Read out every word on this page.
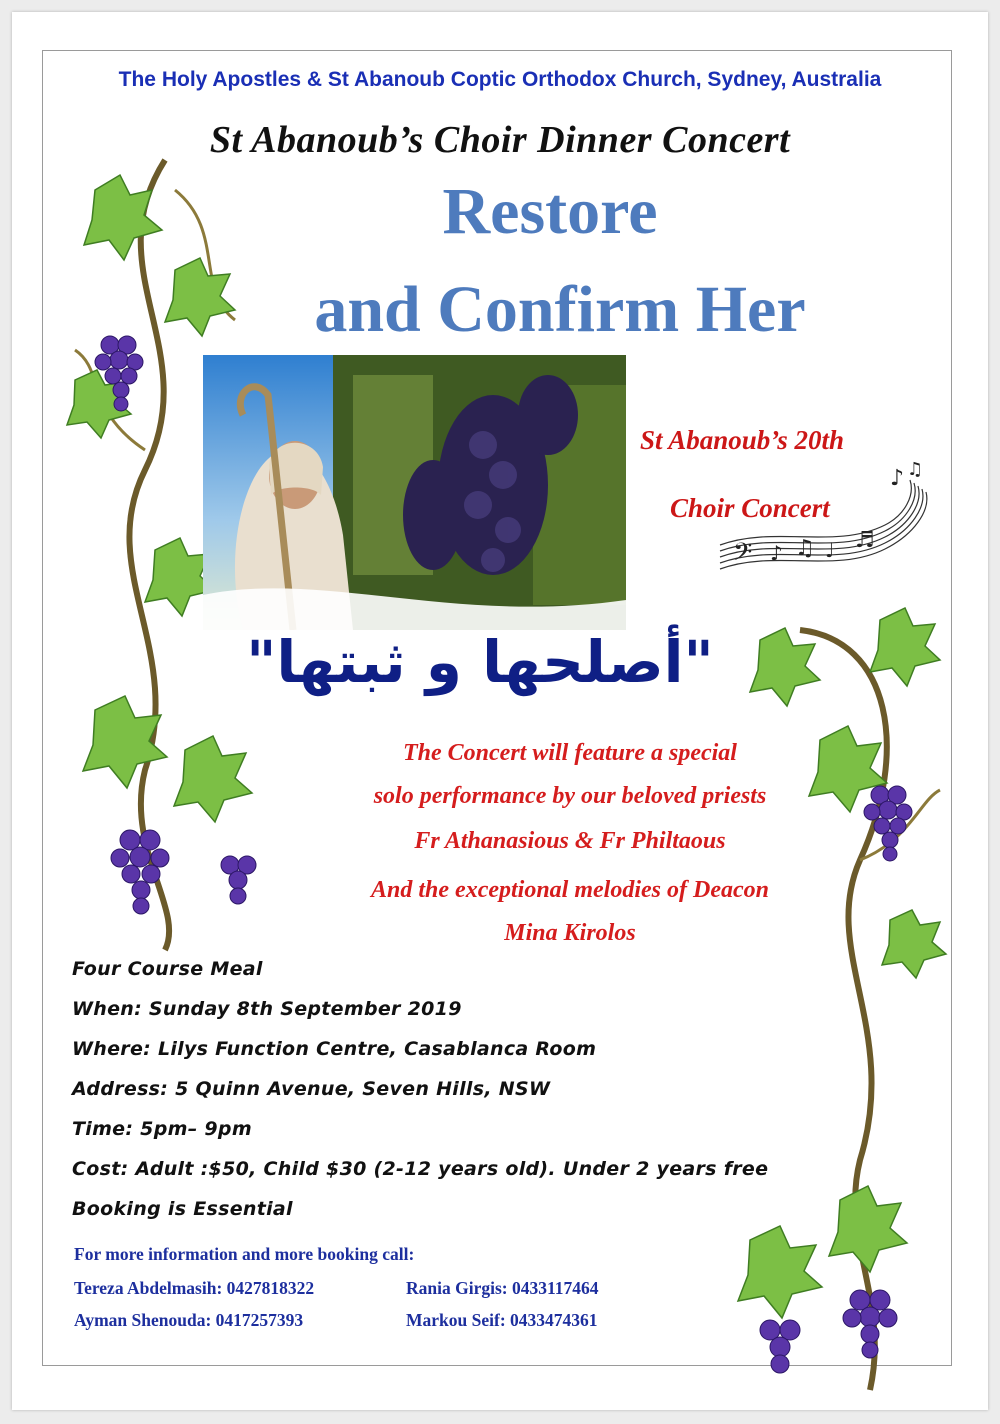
The Holy Apostles & St Abanoub Coptic Orthodox Church, Sydney, Australia
St Abanoub’s Choir Dinner Concert
Restore
and Confirm Her
St Abanoub’s 20th
Choir Concert
𝄢 ♪ ♫ ♩ ♬
♪ ♫
"أصلحها و ثبتها"
The Concert will feature a special
solo performance by our beloved priests
Fr Athanasious & Fr Philtaous
And the exceptional melodies of Deacon
Mina Kirolos
Four Course Meal
When: Sunday 8th September 2019
Where: Lilys Function Centre, Casablanca Room
Address: 5 Quinn Avenue, Seven Hills, NSW
Time: 5pm– 9pm
Cost: Adult :$50, Child $30 (2-12 years old). Under 2 years free
Booking is Essential
For more information and more booking call:
Tereza Abdelmasih: 0427818322	Rania Girgis: 0433117464
Ayman Shenouda: 0417257393	Markou Seif: 0433474361
